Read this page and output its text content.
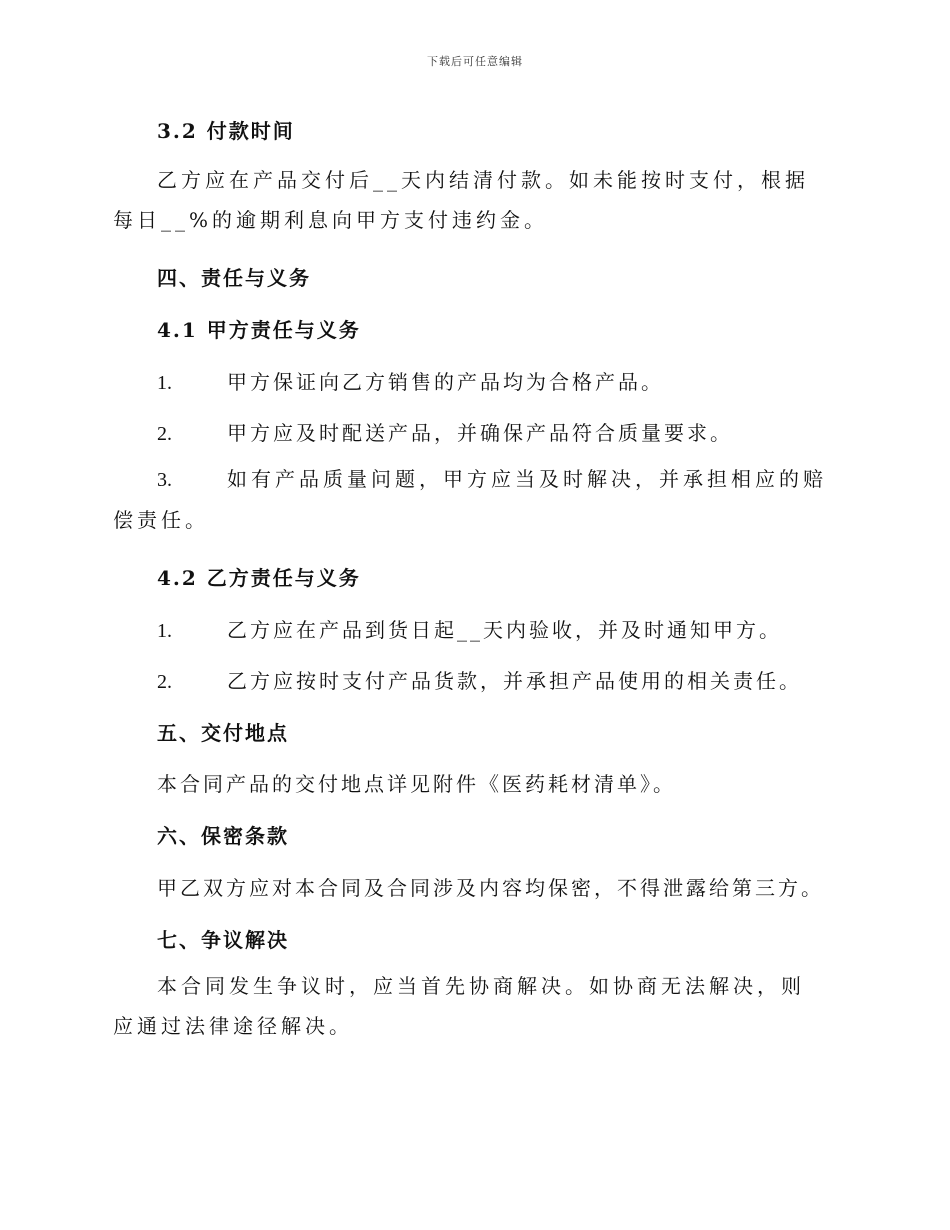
下载后可任意编辑
3.2 付款时间
乙方应在产品交付后__天内结清付款。如未能按时支付，根据每日__%的逾期利息向甲方支付违约金。
四、责任与义务
4.1 甲方责任与义务
1.	甲方保证向乙方销售的产品均为合格产品。
2.	甲方应及时配送产品，并确保产品符合质量要求。
3.	如有产品质量问题，甲方应当及时解决，并承担相应的赔偿责任。
4.2 乙方责任与义务
1.	乙方应在产品到货日起__天内验收，并及时通知甲方。
2.	乙方应按时支付产品货款，并承担产品使用的相关责任。
五、交付地点
本合同产品的交付地点详见附件《医药耗材清单》。
六、保密条款
甲乙双方应对本合同及合同涉及内容均保密，不得泄露给第三方。
七、争议解决
本合同发生争议时，应当首先协商解决。如协商无法解决，则应通过法律途径解决。
